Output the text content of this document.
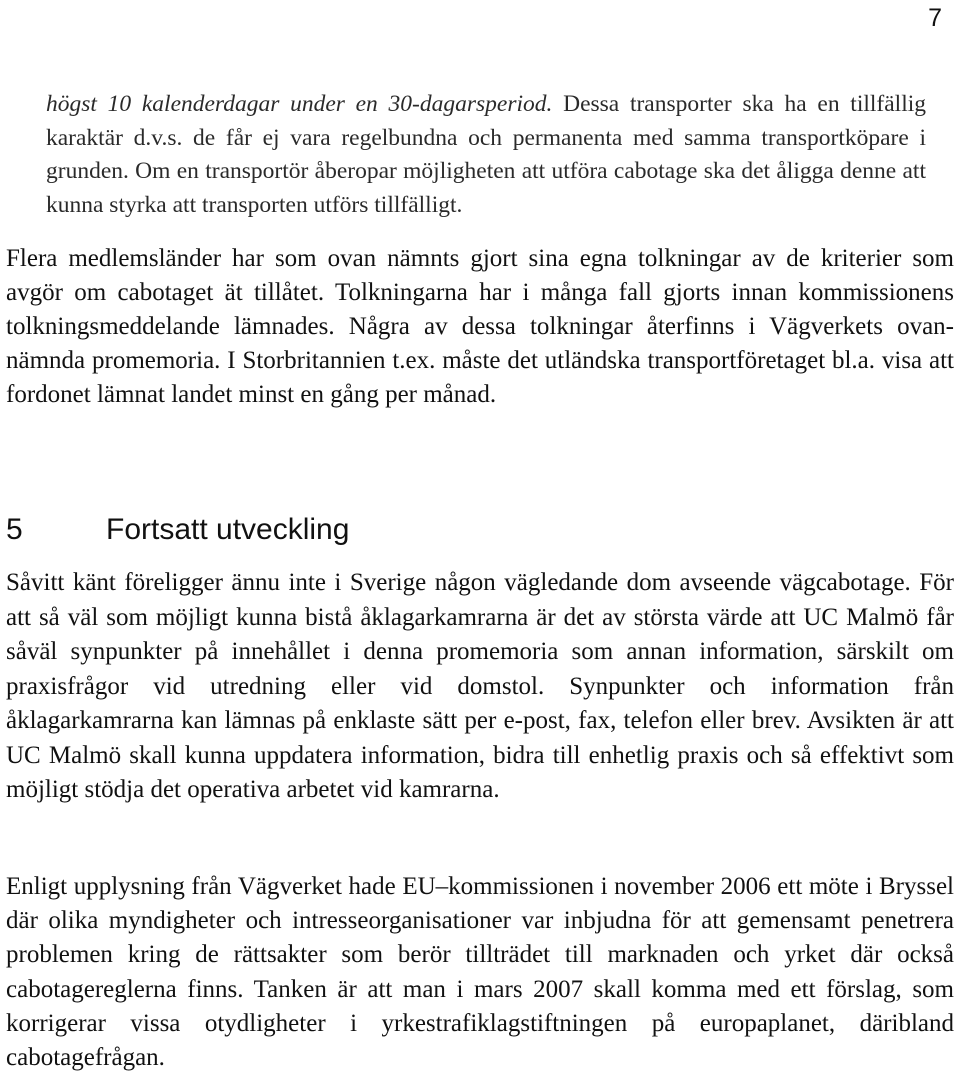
7

högst 10 kalenderdagar under en 30-dagarsperiod. Dessa transporter ska ha en tillfällig karaktär d.v.s. de får ej vara regelbundna och permanenta med samma transportköpare i grunden. Om en transportör åberopar möjligheten att utföra cabotage ska det åligga denne att kunna styrka att transporten utförs tillfälligt.

Flera medlemsländer har som ovan nämnts gjort sina egna tolkningar av de kriterier som avgör om cabotaget ät tillåtet. Tolkningarna har i många fall gjorts innan kommissionens tolkningsmeddelande lämnades. Några av dessa tolkningar återfinns i Vägverkets ovan-nämnda promemoria. I Storbritannien t.ex. måste det utländska transportföretaget bl.a. visa att fordonet lämnat landet minst en gång per månad.

5	Fortsatt utveckling

Såvitt känt föreligger ännu inte i Sverige någon vägledande dom avseende vägcabotage. För att så väl som möjligt kunna bistå åklagarkamrarna är det av största värde att UC Malmö får såväl synpunkter på innehållet i denna promemoria som annan information, särskilt om praxisfrågor vid utredning eller vid domstol. Synpunkter och information från åklagarkamrarna kan lämnas på enklaste sätt per e-post, fax, telefon eller brev. Avsikten är att UC Malmö skall kunna uppdatera information, bidra till enhetlig praxis och så effektivt som möjligt stödja det operativa arbetet vid kamrarna.

Enligt upplysning från Vägverket hade EU–kommissionen i november 2006 ett möte i Bryssel där olika myndigheter och intresseorganisationer var inbjudna för att gemensamt penetrera problemen kring de rättsakter som berör tillträdet till marknaden och yrket där också cabotagereglerna finns. Tanken är att man i mars 2007 skall komma med ett förslag, som korrigerar vissa otydligheter i yrkestrafiklagstiftningen på europaplanet, däribland cabotagefrågan.
